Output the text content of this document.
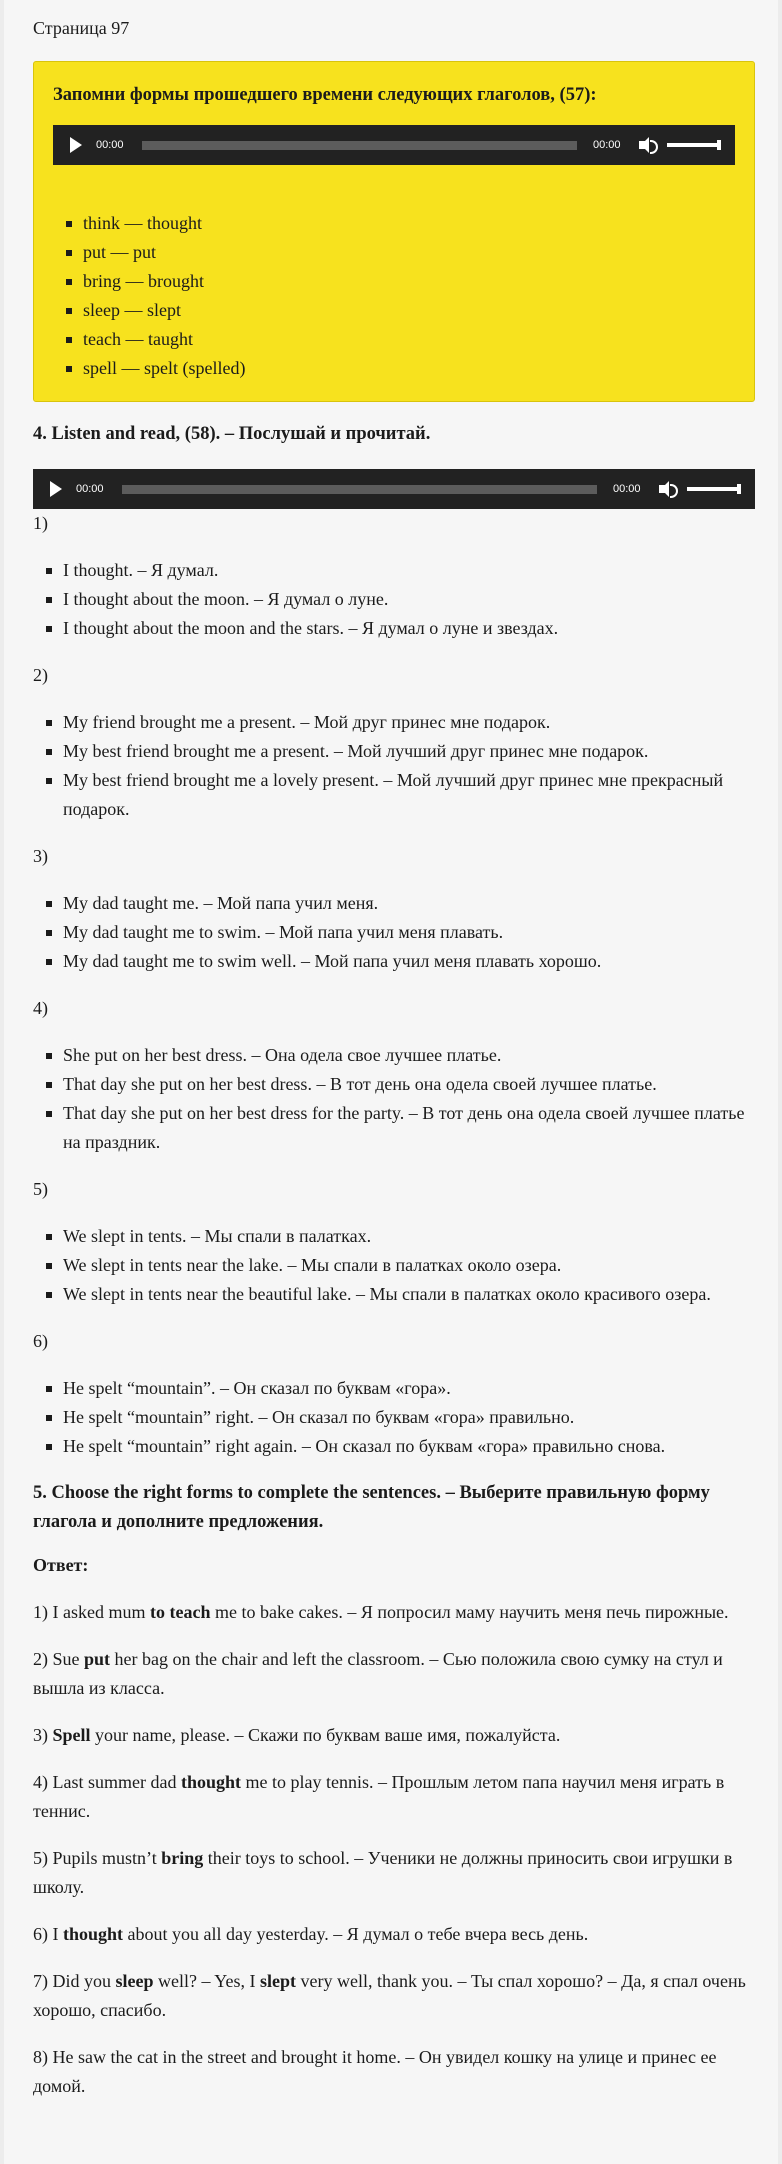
Страница 97

Запомни формы прошедшего времени следующих глаголов, (57):
00:00	00:00
think — thought
put — put
bring — brought
sleep — slept
teach — taught
spell — spelt (spelled)
4. Listen and read, (58). – Послушай и прочитай.
00:00	00:00

1)

I thought. – Я думал.
I thought about the moon. – Я думал о луне.
I thought about the moon and the stars. – Я думал о луне и звездах.

2)

My friend brought me a present. – Мой друг принес мне подарок.
My best friend brought me a present. – Мой лучший друг принес мне подарок.
My best friend brought me a lovely present. – Мой лучший друг принес мне прекрасный подарок.

3)

My dad taught me. – Мой папа учил меня.
My dad taught me to swim. – Мой папа учил меня плавать.
My dad taught me to swim well. – Мой папа учил меня плавать хорошо.

4)

She put on her best dress. – Она одела свое лучшее платье.
That day she put on her best dress. – В тот день она одела своей лучшее платье.
That day she put on her best dress for the party. – В тот день она одела своей лучшее платье на праздник.

5)

We slept in tents. – Мы спали в палатках.
We slept in tents near the lake. – Мы спали в палатках около озера.
We slept in tents near the beautiful lake. – Мы спали в палатках около красивого озера.

6)

He spelt “mountain”. – Он сказал по буквам «гора».
He spelt “mountain” right. – Он сказал по буквам «гора» правильно.
He spelt “mountain” right again. – Он сказал по буквам «гора» правильно снова.
5. Choose the right forms to complete the sentences. – Выберите правильную форму глагола и дополните предложения.

Ответ:

1) I asked mum to teach me to bake cakes. – Я попросил маму научить меня печь пирожные.

2) Sue put her bag on the chair and left the classroom. – Сью положила свою сумку на стул и вышла из класса.

3) Spell your name, please. – Скажи по буквам ваше имя, пожалуйста.

4) Last summer dad thought me to play tennis. – Прошлым летом папа научил меня играть в теннис.

5) Pupils mustn’t bring their toys to school. – Ученики не должны приносить свои игрушки в школу.

6) I thought about you all day yesterday. – Я думал о тебе вчера весь день.

7) Did you sleep well? – Yes, I slept very well, thank you. – Ты спал хорошо? – Да, я спал очень хорошо, спасибо.

8) He saw the cat in the street and brought it home. – Он увидел кошку на улице и принес ее домой.
